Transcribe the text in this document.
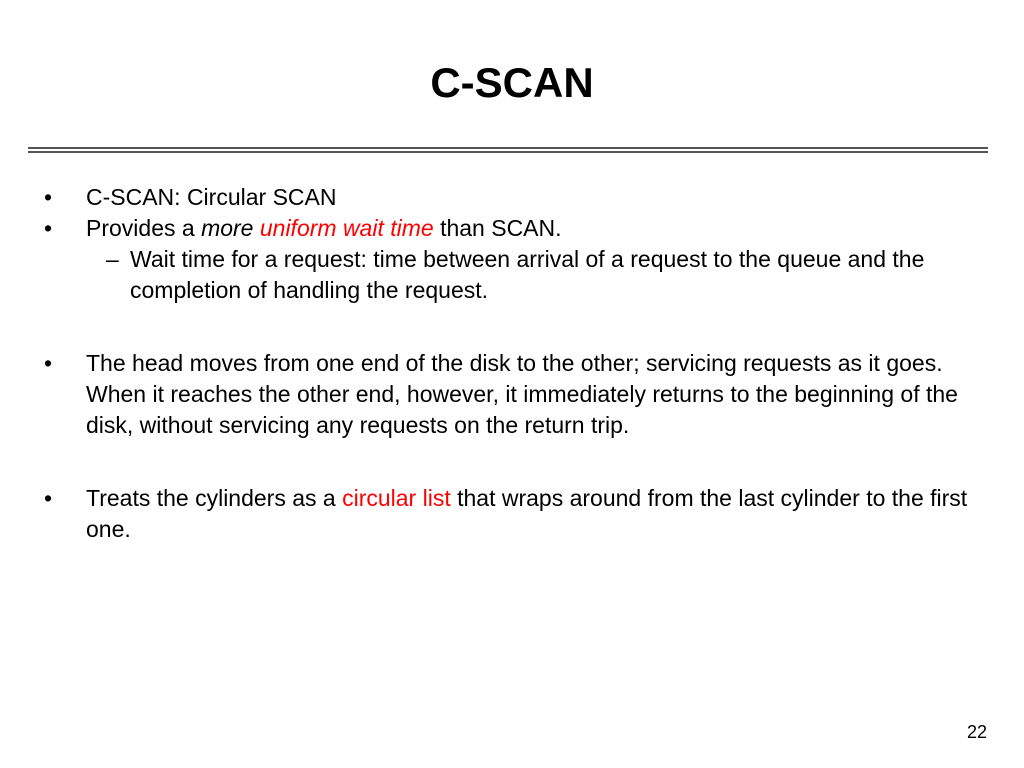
C-SCAN
• C-SCAN: Circular SCAN
• Provides a more uniform wait time than SCAN.
– Wait time for a request: time between arrival of a request to the queue and the completion of handling the request.
• The head moves from one end of the disk to the other; servicing requests as it goes. When it reaches the other end, however, it immediately returns to the beginning of the disk, without servicing any requests on the return trip.
• Treats the cylinders as a circular list that wraps around from the last cylinder to the first one.
22
